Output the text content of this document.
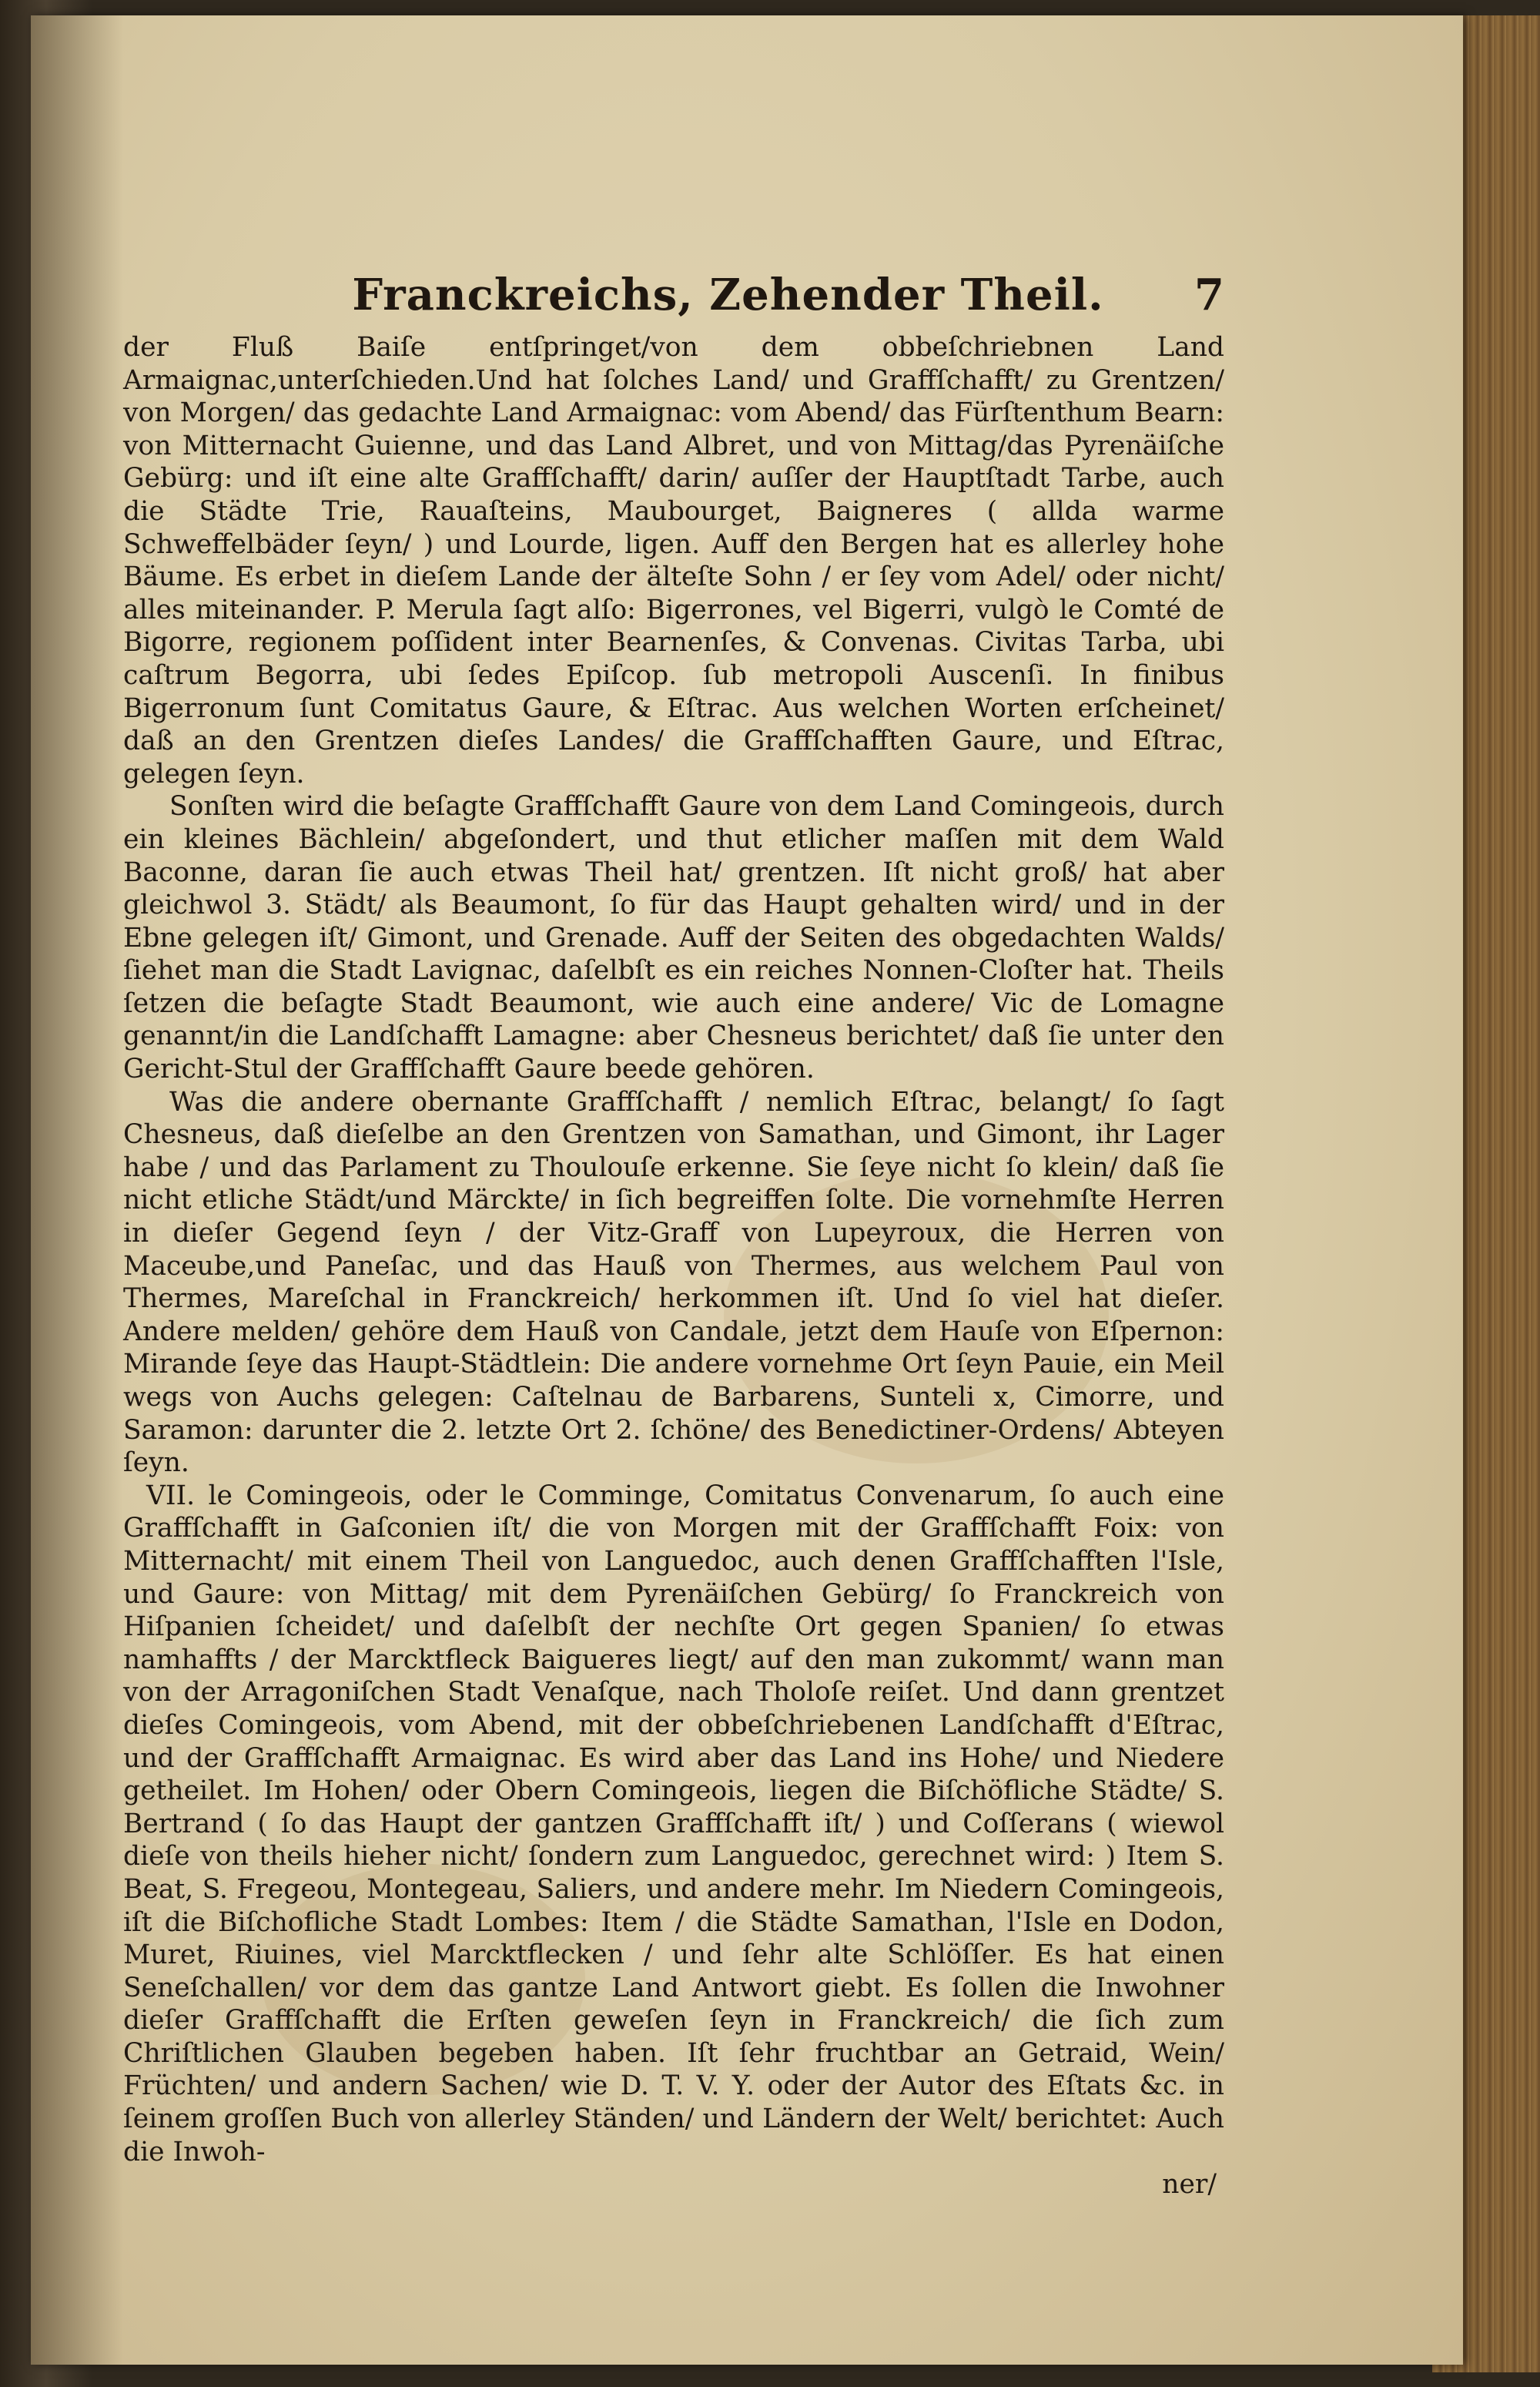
Franckreichs, Zehender Theil.	7

der Fluß Baiſe entſpringet/von dem obbeſchriebnen Land Armaignac,unterſchieden.Und hat ſolches Land/ und Graffſchafft/ zu Grentzen/ von Morgen/ das gedachte Land Armaignac: vom Abend/ das Fürſtenthum Bearn: von Mitternacht Guienne, und das Land Albret, und von Mittag/das Pyrenäiſche Gebürg: und iſt eine alte Graffſchafft/ darin/ auſſer der Hauptſtadt Tarbe, auch die Städte Trie, Rauaſteins, Maubourget, Baigneres ( allda warme Schweffelbäder ſeyn/ ) und Lourde, ligen. Auff den Bergen hat es allerley hohe Bäume. Es erbet in dieſem Lande der älteſte Sohn / er ſey vom Adel/ oder nicht/ alles miteinander. P. Merula ſagt alſo: Bigerrones, vel Bigerri, vulgò le Comté de Bigorre, regionem poſſident inter Bearnenſes, & Convenas. Civitas Tarba, ubi caſtrum Begorra, ubi ſedes Epiſcop. ſub metropoli Auscenſi. In finibus Bigerronum ſunt Comitatus Gaure, & Eſtrac. Aus welchen Worten erſcheinet/ daß an den Grentzen dieſes Landes/ die Graffſchafften Gaure, und Eſtrac, gelegen ſeyn.

Sonſten wird die beſagte Graffſchafft Gaure von dem Land Comingeois, durch ein kleines Bächlein/ abgeſondert, und thut etlicher maſſen mit dem Wald Baconne, daran ſie auch etwas Theil hat/ grentzen. Iſt nicht groß/ hat aber gleichwol 3. Städt/ als Beaumont, ſo für das Haupt gehalten wird/ und in der Ebne gelegen iſt/ Gimont, und Grenade. Auff der Seiten des obgedachten Walds/ ſiehet man die Stadt Lavignac, daſelbſt es ein reiches Nonnen-Cloſter hat. Theils ſetzen die beſagte Stadt Beaumont, wie auch eine andere/ Vic de Lomagne genannt/in die Landſchafft Lamagne: aber Chesneus berichtet/ daß ſie unter den Gericht-Stul der Graffſchafft Gaure beede gehören.

Was die andere obernante Graffſchafft / nemlich Eſtrac, belangt/ ſo ſagt Chesneus, daß dieſelbe an den Grentzen von Samathan, und Gimont, ihr Lager habe / und das Parlament zu Thoulouſe erkenne. Sie ſeye nicht ſo klein/ daß ſie nicht etliche Städt/und Märckte/ in ſich begreiffen ſolte. Die vornehmſte Herren in dieſer Gegend ſeyn / der Vitz-Graff von Lupeyroux, die Herren von Maceube,und Paneſac, und das Hauß von Thermes, aus welchem Paul von Thermes, Mareſchal in Franckreich/ herkommen iſt. Und ſo viel hat dieſer. Andere melden/ gehöre dem Hauß von Candale, jetzt dem Hauſe von Eſpernon: Mirande ſeye das Haupt-Städtlein: Die andere vornehme Ort ſeyn Pauie, ein Meil wegs von Auchs gelegen: Caſtelnau de Barbarens, Sunteli x, Cimorre, und Saramon: darunter die 2. letzte Ort 2. ſchöne/ des Benedictiner-Ordens/ Abteyen ſeyn.

VII. le Comingeois, oder le Comminge, Comitatus Convenarum, ſo auch eine Graffſchafft in Gaſconien iſt/ die von Morgen mit der Graffſchafft Foix: von Mitternacht/ mit einem Theil von Languedoc, auch denen Graffſchafften l'Isle, und Gaure: von Mittag/ mit dem Pyrenäiſchen Gebürg/ ſo Franckreich von Hiſpanien ſcheidet/ und daſelbſt der nechſte Ort gegen Spanien/ ſo etwas namhaffts / der Marcktfleck Baigueres liegt/ auf den man zukommt/ wann man von der Arragoniſchen Stadt Venaſque, nach Tholoſe reiſet. Und dann grentzet dieſes Comingeois, vom Abend, mit der obbeſchriebenen Landſchafft d'Eſtrac, und der Graffſchafft Armaignac. Es wird aber das Land ins Hohe/ und Niedere getheilet. Im Hohen/ oder Obern Comingeois, liegen die Biſchöfliche Städte/ S. Bertrand ( ſo das Haupt der gantzen Graffſchafft iſt/ ) und Coſſerans ( wiewol dieſe von theils hieher nicht/ ſondern zum Languedoc, gerechnet wird: ) Item S. Beat, S. Fregeou, Montegeau, Saliers, und andere mehr. Im Niedern Comingeois, iſt die Biſchofliche Stadt Lombes: Item / die Städte Samathan, l'Isle en Dodon, Muret, Riuines, viel Marcktflecken / und ſehr alte Schlöſſer. Es hat einen Seneſchallen/ vor dem das gantze Land Antwort giebt. Es ſollen die Inwohner dieſer Graffſchafft die Erſten geweſen ſeyn in Franckreich/ die ſich zum Chriſtlichen Glauben begeben haben. Iſt ſehr fruchtbar an Getraid, Wein/ Früchten/ und andern Sachen/ wie D. T. V. Y. oder der Autor des Eſtats &c. in ſeinem groſſen Buch von allerley Ständen/ und Ländern der Welt/ berichtet: Auch die Inwoh-

ner/
